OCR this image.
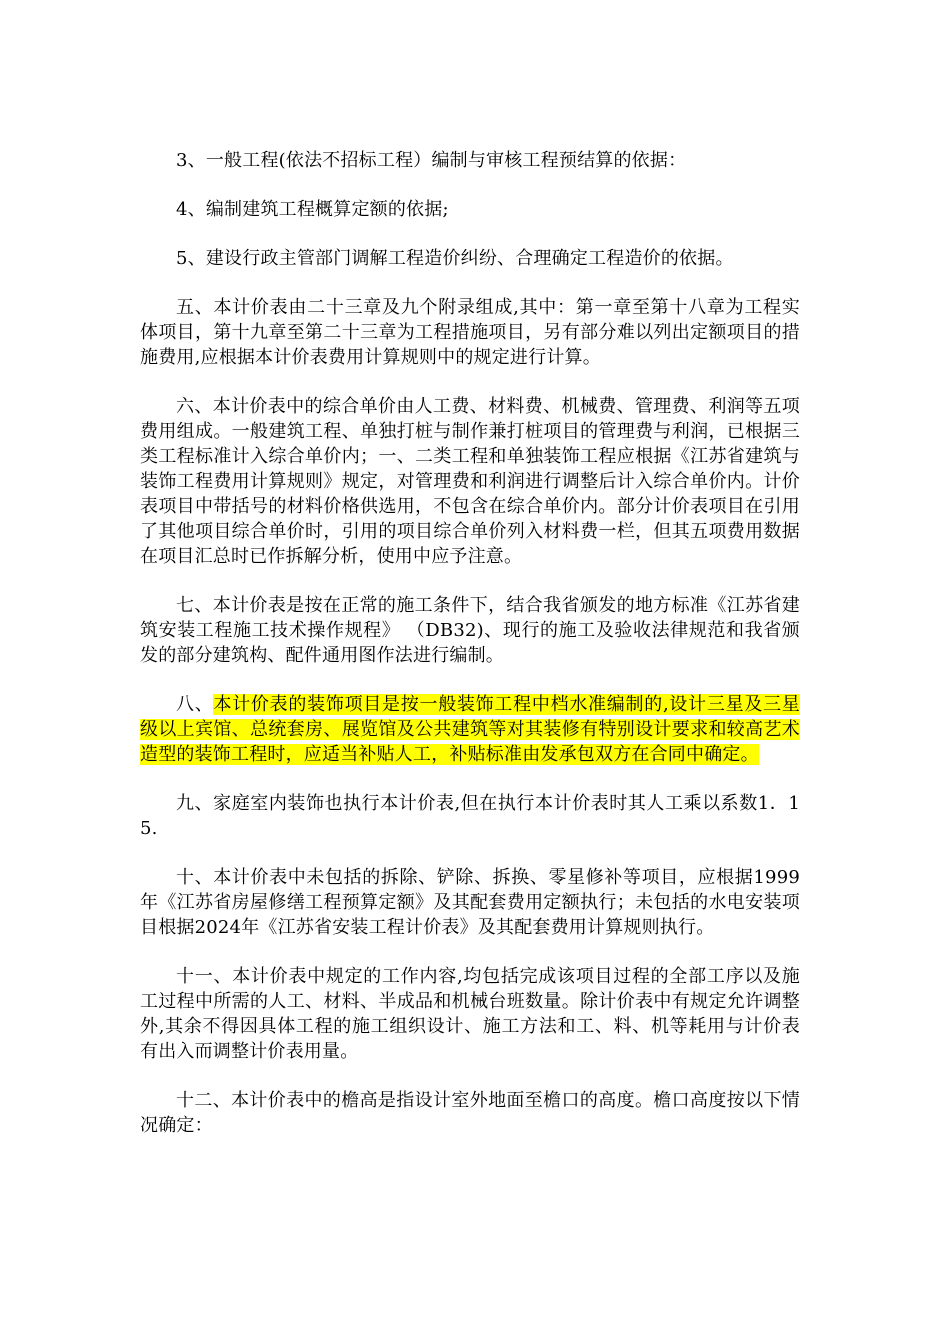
3、一般工程(依法不招标工程）编制与审核工程预结算的依据：

4、编制建筑工程概算定额的依据;

5、建设行政主管部门调解工程造价纠纷、合理确定工程造价的依据。

五、本计价表由二十三章及九个附录组成,其中：第一章至第十八章为工程实体项目，第十九章至第二十三章为工程措施项目，另有部分难以列出定额项目的措施费用,应根据本计价表费用计算规则中的规定进行计算。

六、本计价表中的综合单价由人工费、材料费、机械费、管理费、利润等五项费用组成。一般建筑工程、单独打桩与制作兼打桩项目的管理费与利润，已根据三类工程标准计入综合单价内；一、二类工程和单独装饰工程应根据《江苏省建筑与装饰工程费用计算规则》规定，对管理费和利润进行调整后计入综合单价内。计价表项目中带括号的材料价格供选用，不包含在综合单价内。部分计价表项目在引用了其他项目综合单价时，引用的项目综合单价列入材料费一栏，但其五项费用数据在项目汇总时已作拆解分析，使用中应予注意。

七、本计价表是按在正常的施工条件下，结合我省颁发的地方标准《江苏省建筑安装工程施工技术操作规程》 （DB32)、现行的施工及验收法律规范和我省颁发的部分建筑构、配件通用图作法进行编制。

八、本计价表的装饰项目是按一般装饰工程中档水准编制的,设计三星及三星级以上宾馆、总统套房、展览馆及公共建筑等对其装修有特别设计要求和较高艺术造型的装饰工程时，应适当补贴人工，补贴标准由发承包双方在合同中确定。

九、家庭室内装饰也执行本计价表,但在执行本计价表时其人工乘以系数1．15.

十、本计价表中未包括的拆除、铲除、拆换、零星修补等项目，应根据1999年《江苏省房屋修缮工程预算定额》及其配套费用定额执行；未包括的水电安装项目根据2024年《江苏省安装工程计价表》及其配套费用计算规则执行。

十一、本计价表中规定的工作内容,均包括完成该项目过程的全部工序以及施工过程中所需的人工、材料、半成品和机械台班数量。除计价表中有规定允许调整外,其余不得因具体工程的施工组织设计、施工方法和工、料、机等耗用与计价表有出入而调整计价表用量。

十二、本计价表中的檐高是指设计室外地面至檐口的高度。檐口高度按以下情况确定：
